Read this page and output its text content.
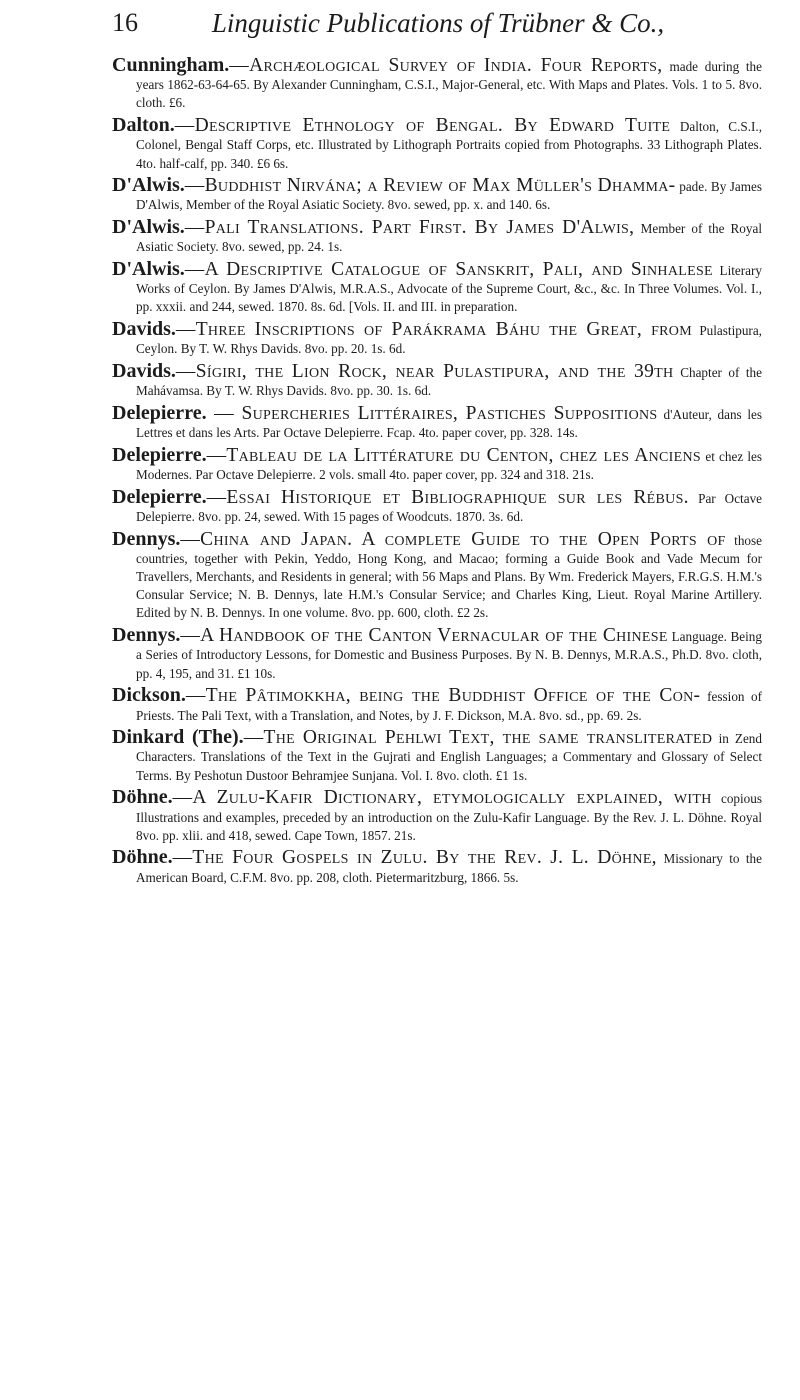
16	Linguistic Publications of Trübner & Co.,

Cunningham.—Archæological Survey of India. Four Reports, made during the years 1862-63-64-65. By Alexander Cunningham, C.S.I., Major-General, etc. With Maps and Plates. Vols. 1 to 5. 8vo. cloth. £6.

Dalton.—Descriptive Ethnology of Bengal. By Edward Tuite Dalton, C.S.I., Colonel, Bengal Staff Corps, etc. Illustrated by Lithograph Portraits copied from Photographs. 33 Lithograph Plates. 4to. half-calf, pp. 340. £6 6s.

D'Alwis.—Buddhist Nirvána; a Review of Max Müller's Dhamma- pade. By James D'Alwis, Member of the Royal Asiatic Society. 8vo. sewed, pp. x. and 140. 6s.

D'Alwis.—Pali Translations. Part First. By James D'Alwis, Member of the Royal Asiatic Society. 8vo. sewed, pp. 24. 1s.

D'Alwis.—A Descriptive Catalogue of Sanskrit, Pali, and Sinhalese Literary Works of Ceylon. By James D'Alwis, M.R.A.S., Advocate of the Supreme Court, &c., &c. In Three Volumes. Vol. I., pp. xxxii. and 244, sewed. 1870. 8s. 6d. [Vols. II. and III. in preparation.

Davids.—Three Inscriptions of Parákrama Báhu the Great, from Pulastipura, Ceylon. By T. W. Rhys Davids. 8vo. pp. 20. 1s. 6d.

Davids.—Sígiri, the Lion Rock, near Pulastipura, and the 39th Chapter of the Mahávamsa. By T. W. Rhys Davids. 8vo. pp. 30. 1s. 6d.

Delepierre. — Supercheries Littéraires, Pastiches Suppositions d'Auteur, dans les Lettres et dans les Arts. Par Octave Delepierre. Fcap. 4to. paper cover, pp. 328. 14s.

Delepierre.—Tableau de la Littérature du Centon, chez les Anciens et chez les Modernes. Par Octave Delepierre. 2 vols. small 4to. paper cover, pp. 324 and 318. 21s.

Delepierre.—Essai Historique et Bibliographique sur les Rébus. Par Octave Delepierre. 8vo. pp. 24, sewed. With 15 pages of Woodcuts. 1870. 3s. 6d.

Dennys.—China and Japan. A complete Guide to the Open Ports of those countries, together with Pekin, Yeddo, Hong Kong, and Macao; forming a Guide Book and Vade Mecum for Travellers, Merchants, and Residents in general; with 56 Maps and Plans. By Wm. Frederick Mayers, F.R.G.S. H.M.'s Consular Service; N. B. Dennys, late H.M.'s Consular Service; and Charles King, Lieut. Royal Marine Artillery. Edited by N. B. Dennys. In one volume. 8vo. pp. 600, cloth. £2 2s.

Dennys.—A Handbook of the Canton Vernacular of the Chinese Language. Being a Series of Introductory Lessons, for Domestic and Business Purposes. By N. B. Dennys, M.R.A.S., Ph.D. 8vo. cloth, pp. 4, 195, and 31. £1 10s.

Dickson.—The Pâtimokkha, being the Buddhist Office of the Con- fession of Priests. The Pali Text, with a Translation, and Notes, by J. F. Dickson, M.A. 8vo. sd., pp. 69. 2s.

Dinkard (The).—The Original Pehlwi Text, the same transliterated in Zend Characters. Translations of the Text in the Gujrati and English Languages; a Commentary and Glossary of Select Terms. By Peshotun Dustoor Behramjee Sunjana. Vol. I. 8vo. cloth. £1 1s.

Döhne.—A Zulu-Kafir Dictionary, etymologically explained, with copious Illustrations and examples, preceded by an introduction on the Zulu-Kafir Language. By the Rev. J. L. Döhne. Royal 8vo. pp. xlii. and 418, sewed. Cape Town, 1857. 21s.

Döhne.—The Four Gospels in Zulu. By the Rev. J. L. Döhne, Missionary to the American Board, C.F.M. 8vo. pp. 208, cloth. Pietermaritzburg, 1866. 5s.
